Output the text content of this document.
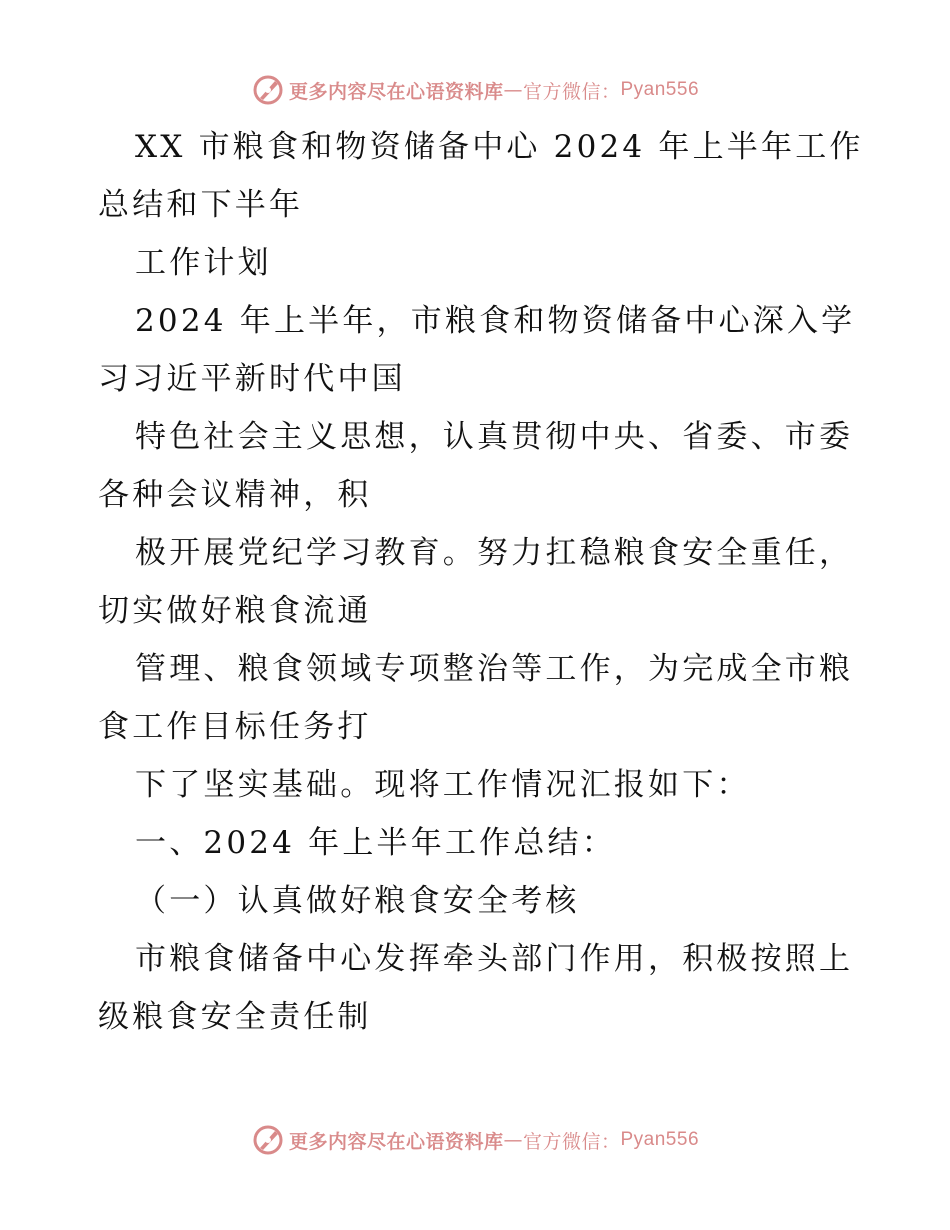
更多内容尽在心语资料库 — 官方微信： Pyan556
XX 市粮食和物资储备中心 2024 年上半年工作
总结和下半年
工作计划
2024 年上半年，市粮食和物资储备中心深入学
习习近平新时代中国
特色社会主义思想，认真贯彻中央、省委、市委
各种会议精神，积
极开展党纪学习教育。努力扛稳粮食安全重任，
切实做好粮食流通
管理、粮食领域专项整治等工作，为完成全市粮
食工作目标任务打
下了坚实基础。现将工作情况汇报如下：
一、2024 年上半年工作总结：
（一）认真做好粮食安全考核
市粮食储备中心发挥牵头部门作用，积极按照上
级粮食安全责任制
更多内容尽在心语资料库 — 官方微信： Pyan556
